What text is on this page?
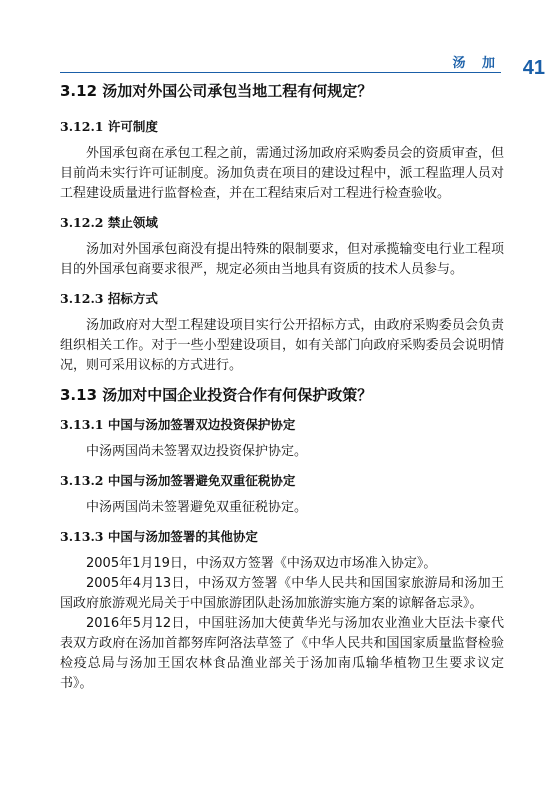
汤 加 41
3.12 汤加对外国公司承包当地工程有何规定？
3.12.1 许可制度

外国承包商在承包工程之前，需通过汤加政府采购委员会的资质审查，但目前尚未实行许可证制度。汤加负责在项目的建设过程中，派工程监理人员对工程建设质量进行监督检查，并在工程结束后对工程进行检查验收。

3.12.2 禁止领域

汤加对外国承包商没有提出特殊的限制要求，但对承揽输变电行业工程项目的外国承包商要求很严，规定必须由当地具有资质的技术人员参与。

3.12.3 招标方式

汤加政府对大型工程建设项目实行公开招标方式，由政府采购委员会负责组织相关工作。对于一些小型建设项目，如有关部门向政府采购委员会说明情况，则可采用议标的方式进行。

3.13 汤加对中国企业投资合作有何保护政策？
3.13.1 中国与汤加签署双边投资保护协定

中汤两国尚未签署双边投资保护协定。

3.13.2 中国与汤加签署避免双重征税协定

中汤两国尚未签署避免双重征税协定。

3.13.3 中国与汤加签署的其他协定

2005年1月19日，中汤双方签署《中汤双边市场准入协定》。

2005年4月13日，中汤双方签署《中华人民共和国国家旅游局和汤加王国政府旅游观光局关于中国旅游团队赴汤加旅游实施方案的谅解备忘录》。

2016年5月12日，中国驻汤加大使黄华光与汤加农业渔业大臣法卡豪代表双方政府在汤加首都努库阿洛法草签了《中华人民共和国国家质量监督检验检疫总局与汤加王国农林食品渔业部关于汤加南瓜输华植物卫生要求议定书》。
